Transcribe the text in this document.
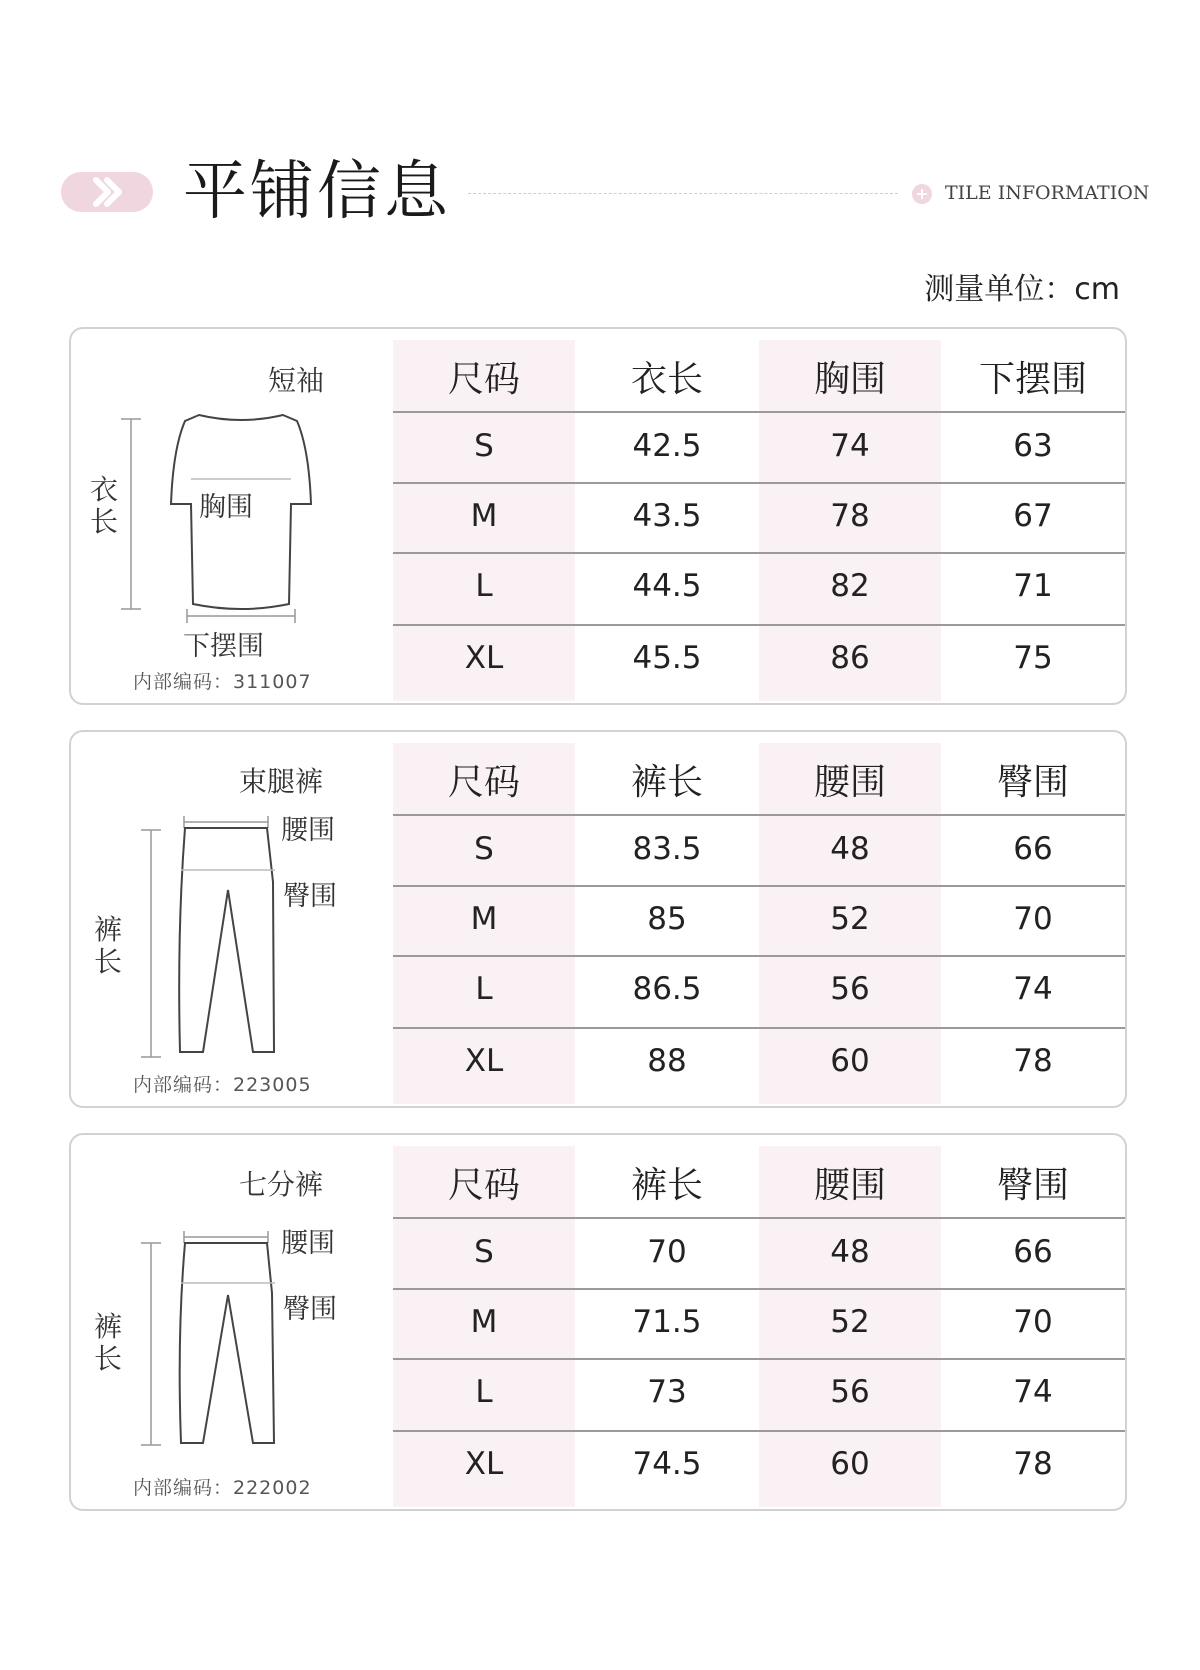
平铺信息	TILE INFORMATION
测量单位：cm
短袖
衣长	胸围
下摆围
内部编码：311007
尺码	衣长	胸围	下摆围
S	42.5	74	63
M	43.5	78	67
L	44.5	82	71
XL	45.5	86	75
束腿裤
腰围
臀围
裤长
内部编码：223005
尺码	裤长	腰围	臀围
S	83.5	48	66
M	85	52	70
L	86.5	56	74
XL	88	60	78
七分裤
腰围
臀围
裤长
内部编码：222002
尺码	裤长	腰围	臀围
S	70	48	66
M	71.5	52	70
L	73	56	74
XL	74.5	60	78
